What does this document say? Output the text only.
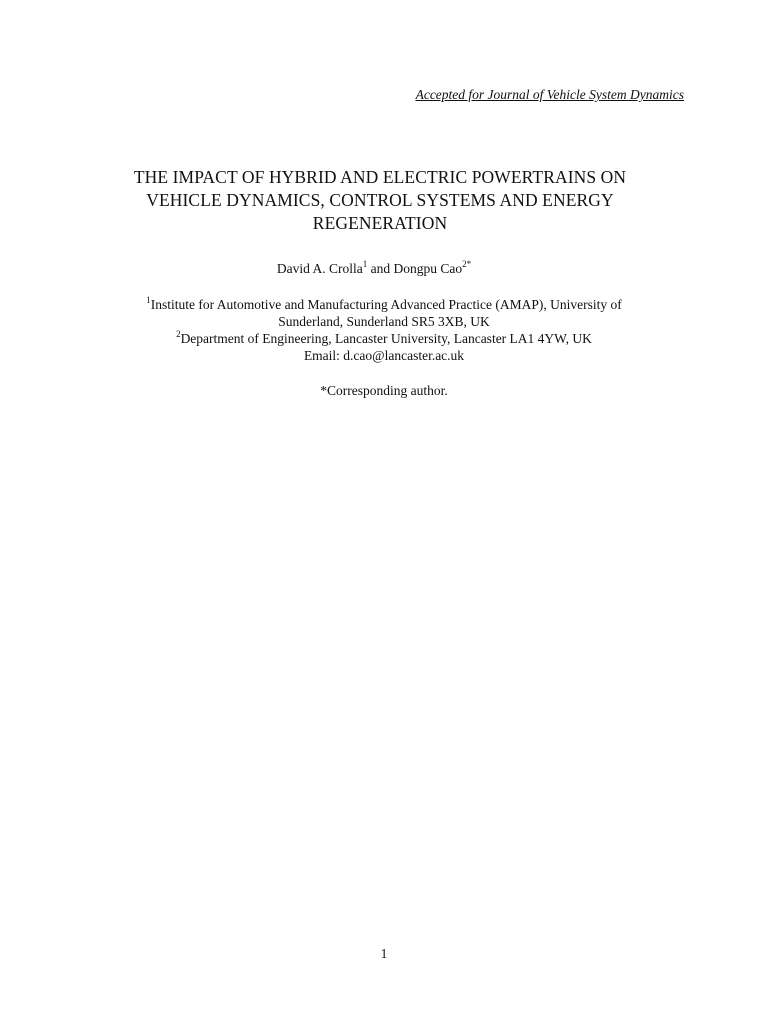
Accepted for Journal of Vehicle System Dynamics
THE IMPACT OF HYBRID AND ELECTRIC POWERTRAINS ON
VEHICLE DYNAMICS, CONTROL SYSTEMS AND ENERGY
REGENERATION
David A. Crolla$^1$ and Dongpu Cao$^{2*}$
$^1$Institute for Automotive and Manufacturing Advanced Practice (AMAP), University of
Sunderland, Sunderland SR5 3XB, UK
$^2$Department of Engineering, Lancaster University, Lancaster LA1 4YW, UK
Email: d.cao@lancaster.ac.uk
*Corresponding author.
1
